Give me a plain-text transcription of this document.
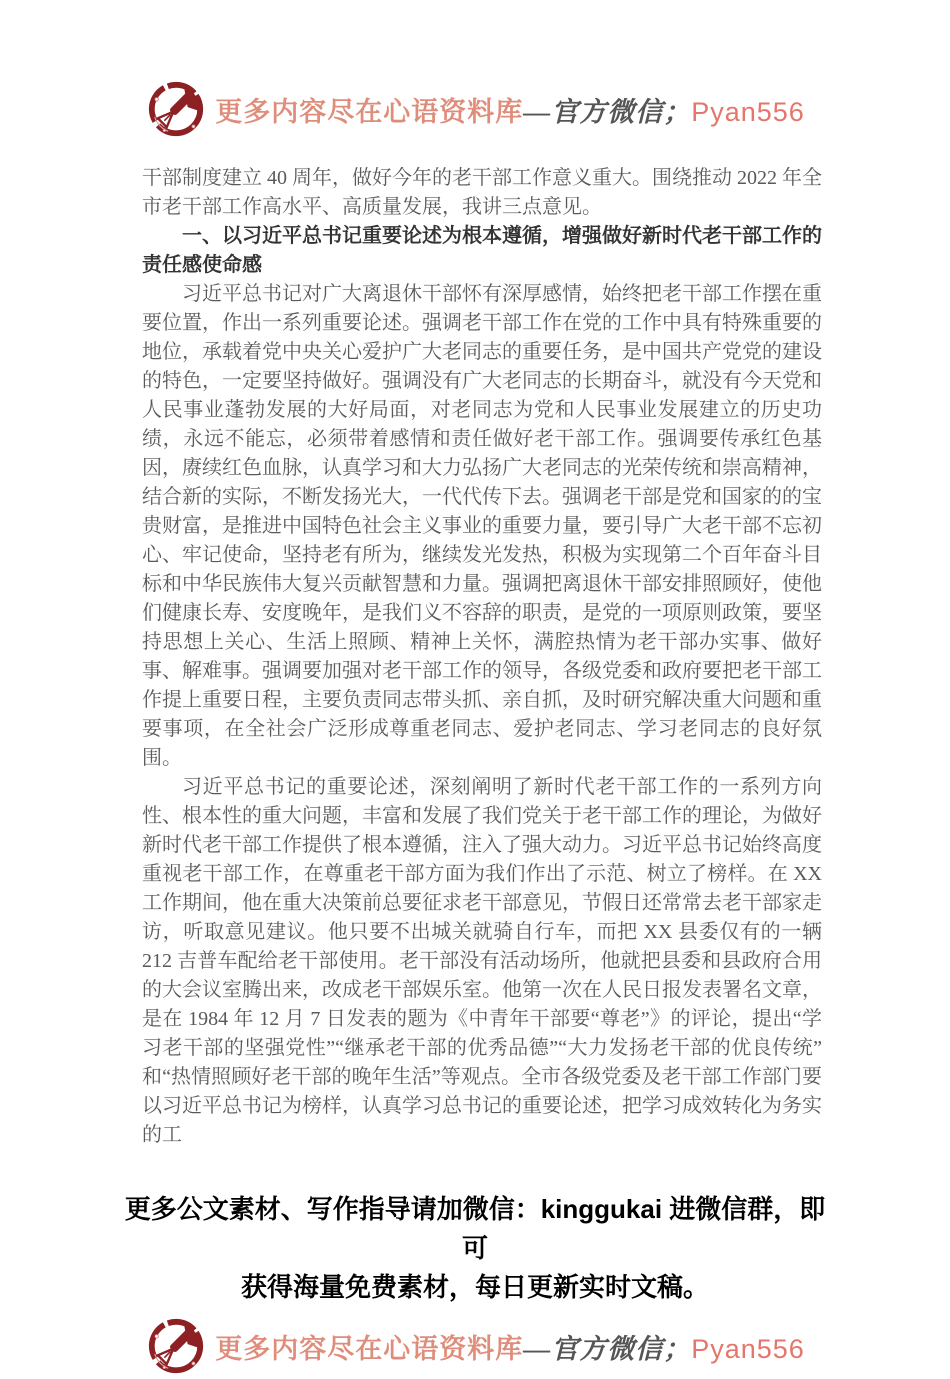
更多内容尽在心语资料库—官方微信；Pyan556

干部制度建立 40 周年，做好今年的老干部工作意义重大。围绕推动 2022 年全市老干部工作高水平、高质量发展，我讲三点意见。

一、以习近平总书记重要论述为根本遵循，增强做好新时代老干部工作的责任感使命感

习近平总书记对广大离退休干部怀有深厚感情，始终把老干部工作摆在重要位置，作出一系列重要论述。强调老干部工作在党的工作中具有特殊重要的地位，承载着党中央关心爱护广大老同志的重要任务，是中国共产党党的建设的特色，一定要坚持做好。强调没有广大老同志的长期奋斗，就没有今天党和人民事业蓬勃发展的大好局面，对老同志为党和人民事业发展建立的历史功绩，永远不能忘，必须带着感情和责任做好老干部工作。强调要传承红色基因，赓续红色血脉，认真学习和大力弘扬广大老同志的光荣传统和崇高精神，结合新的实际，不断发扬光大，一代代传下去。强调老干部是党和国家的的宝贵财富，是推进中国特色社会主义事业的重要力量，要引导广大老干部不忘初心、牢记使命，坚持老有所为，继续发光发热，积极为实现第二个百年奋斗目标和中华民族伟大复兴贡献智慧和力量。强调把离退休干部安排照顾好，使他们健康长寿、安度晚年，是我们义不容辞的职责，是党的一项原则政策，要坚持思想上关心、生活上照顾、精神上关怀，满腔热情为老干部办实事、做好事、解难事。强调要加强对老干部工作的领导，各级党委和政府要把老干部工作提上重要日程，主要负责同志带头抓、亲自抓，及时研究解决重大问题和重要事项，在全社会广泛形成尊重老同志、爱护老同志、学习老同志的良好氛围。

习近平总书记的重要论述，深刻阐明了新时代老干部工作的一系列方向性、根本性的重大问题，丰富和发展了我们党关于老干部工作的理论，为做好新时代老干部工作提供了根本遵循，注入了强大动力。习近平总书记始终高度重视老干部工作，在尊重老干部方面为我们作出了示范、树立了榜样。在 XX 工作期间，他在重大决策前总要征求老干部意见，节假日还常常去老干部家走访，听取意见建议。他只要不出城关就骑自行车，而把 XX 县委仅有的一辆 212 吉普车配给老干部使用。老干部没有活动场所，他就把县委和县政府合用的大会议室腾出来，改成老干部娱乐室。他第一次在人民日报发表署名文章，是在 1984 年 12 月 7 日发表的题为《中青年干部要“尊老”》的评论，提出“学习老干部的坚强党性”“继承老干部的优秀品德”“大力发扬老干部的优良传统”和“热情照顾好老干部的晚年生活”等观点。全市各级党委及老干部工作部门要以习近平总书记为榜样，认真学习总书记的重要论述，把学习成效转化为务实的工

更多公文素材、写作指导请加微信：kinggukai 进微信群，即可

获得海量免费素材，每日更新实时文稿。

更多内容尽在心语资料库—官方微信；Pyan556
